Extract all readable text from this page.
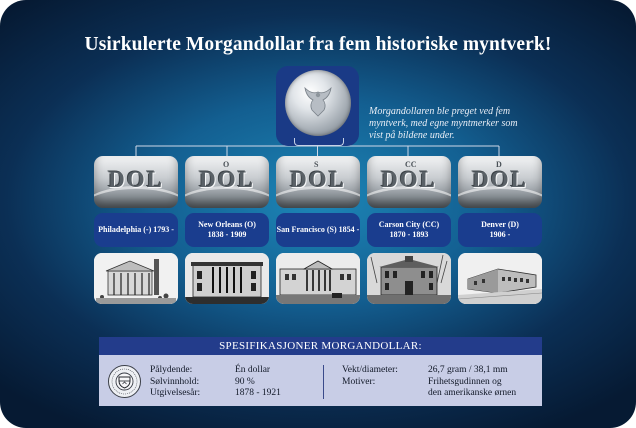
Usirkulerte Morgandollar fra fem historiske myntverk!
Morgandollaren ble preget ved fem myntverk, med egne myntmerker som vist på bildene under.
DOL
Philadelphia (-) 1793 -
O
DOL
New Orleans (O)
1838 - 1909
S
DOL
San Francisco (S) 1854 -
CC
DOL
Carson City (CC)
1870 - 1893
D
DOL
Denver (D)
1906 -
SPESIFIKASJONER MORGANDOLLAR:
Pålydende:	Én dollar
Sølvinnhold:	90 %
Utgivelsesår:	1878 - 1921
Vekt/diameter:	26,7 gram / 38,1 mm
Motiver:	Frihetsgudinnen og
den amerikanske ørnen
